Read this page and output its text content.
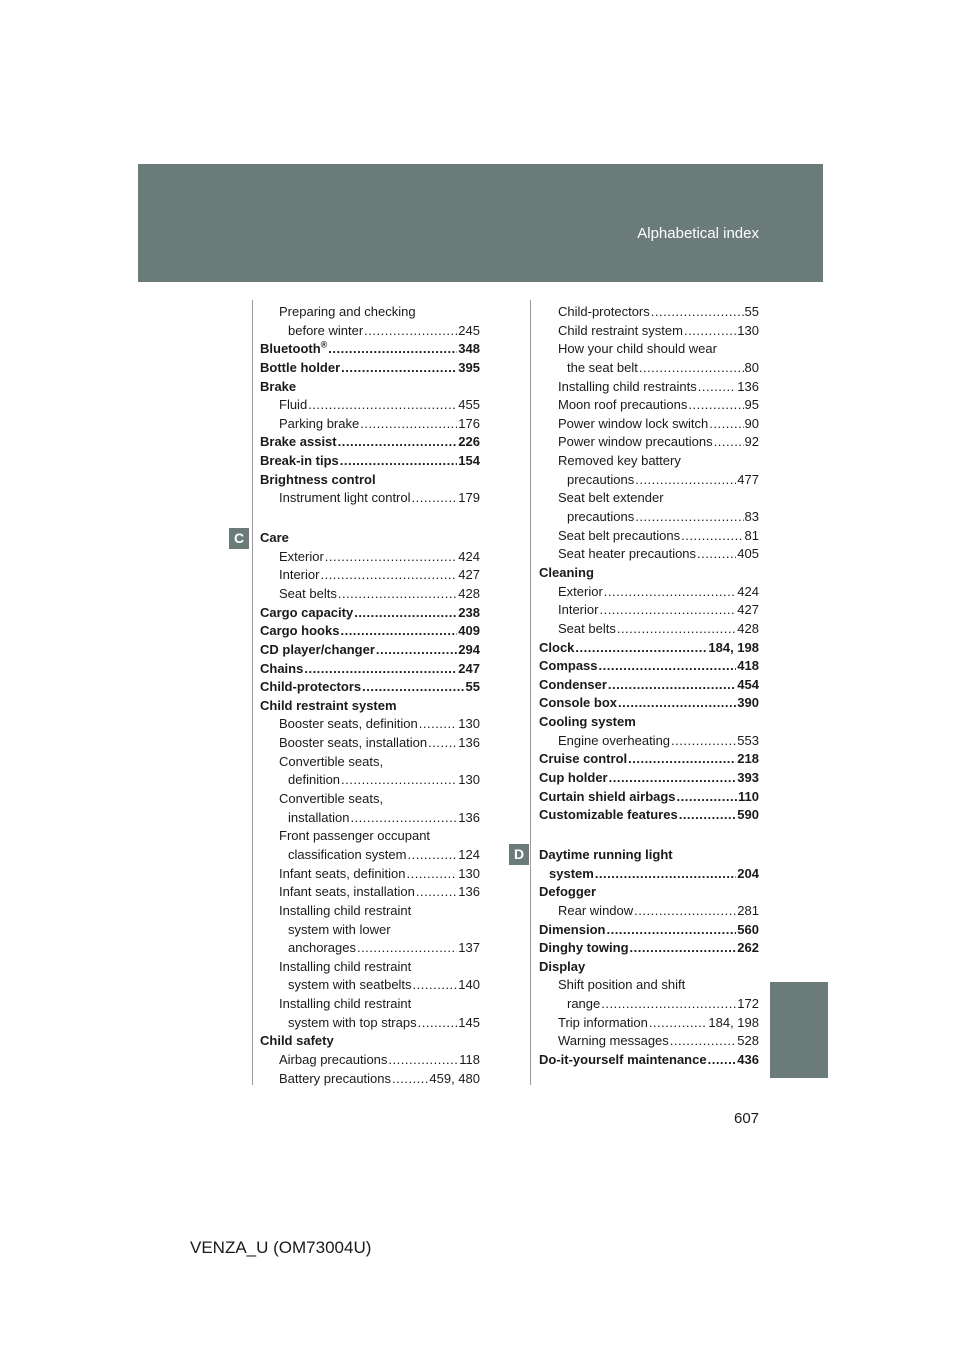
Alphabetical index
C
D
Preparing and checking
before winter .....	245
Bluetooth® .....	348
Bottle holder .....	395
Brake
Fluid .....	455
Parking brake .....	176
Brake assist .....	226
Break-in tips .....	154
Brightness control
Instrument light control .....	179
Care
Exterior .....	424
Interior .....	427
Seat belts .....	428
Cargo capacity .....	238
Cargo hooks .....	409
CD player/changer .....	294
Chains .....	247
Child-protectors .....	55
Child restraint system
Booster seats, definition .....	130
Booster seats, installation ..... 136
Convertible seats,
definition .....	130
Convertible seats,
installation .....	136
Front passenger occupant
classification system .....	124
Infant seats, definition .....	130
Infant seats, installation .....	136
Installing child restraint
system with lower
anchorages .....	137
Installing child restraint
system with seatbelts .....	140
Installing child restraint
system with top straps .....	145
Child safety
Airbag precautions .....	118
Battery precautions .....	459, 480
Child-protectors .....	55
Child restraint system .....	130
How your child should wear
the seat belt .....	80
Installing child restraints .....	136
Moon roof precautions .....	95
Power window lock switch .....	90
Power window precautions ..... 92
Removed key battery
precautions .....	477
Seat belt extender
precautions .....	83
Seat belt precautions .....	81
Seat heater precautions .....	405
Cleaning
Exterior .....	424
Interior .....	427
Seat belts .....	428
Clock .....	184, 198
Compass .....	418
Condenser .....	454
Console box .....	390
Cooling system
Engine overheating .....	553
Cruise control .....	218
Cup holder .....	393
Curtain shield airbags .....	110
Customizable features .....	590
Daytime running light
system .....	204
Defogger
Rear window .....	281
Dimension .....	560
Dinghy towing .....	262
Display
Shift position and shift
range .....	172
Trip information .....	184, 198
Warning messages .....	528
Do-it-yourself maintenance ..... 436
607
VENZA_U (OM73004U)
